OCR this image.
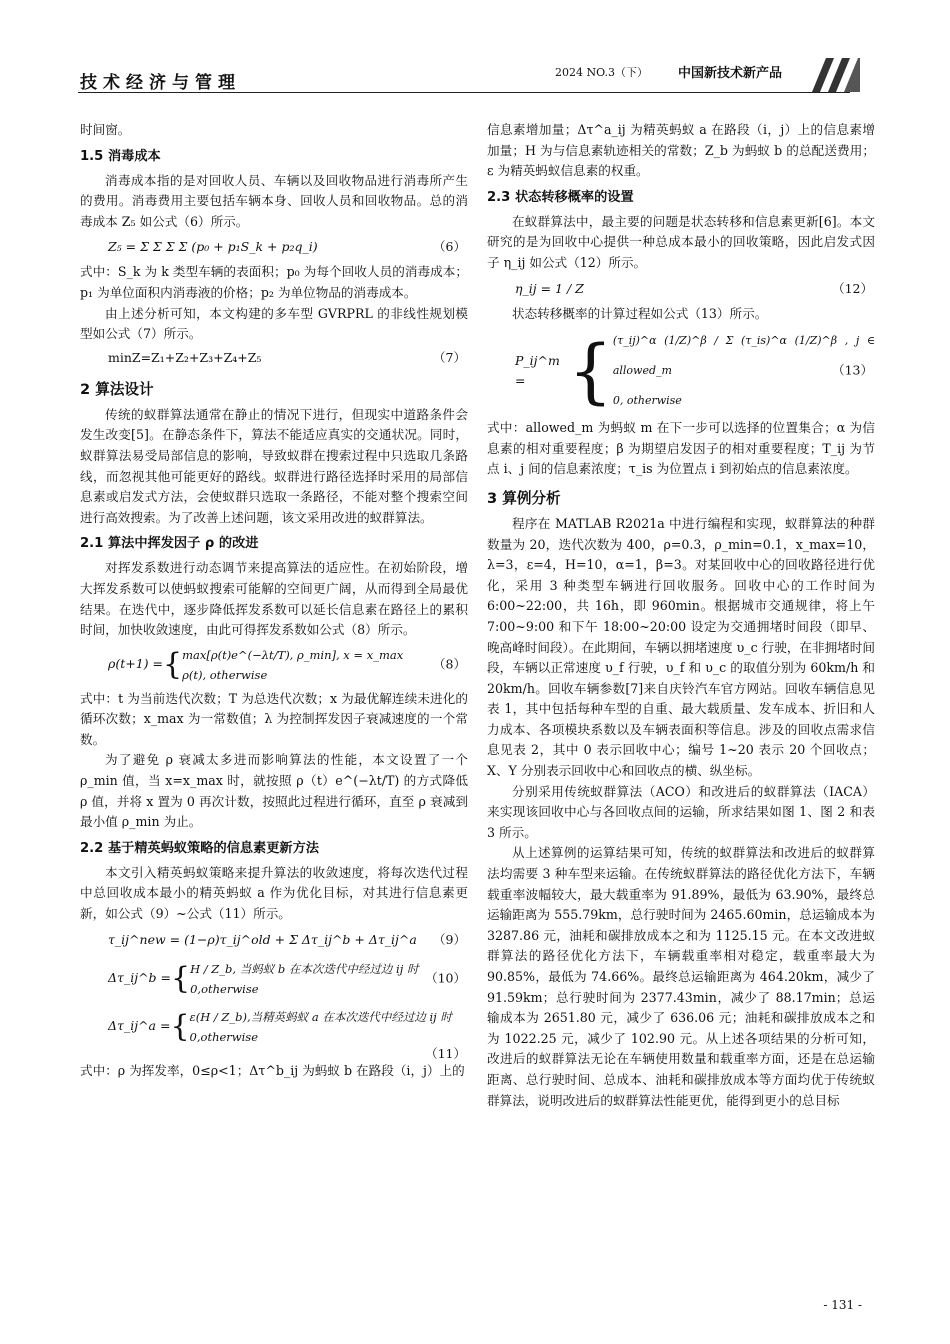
技术经济与管理
2024 NO.3（下） 中国新技术新产品

时间窗。

1.5 消毒成本

消毒成本指的是对回收人员、车辆以及回收物品进行消毒所产生的费用。消毒费用主要包括车辆本身、回收人员和回收物品。总的消毒成本 Z₅ 如公式（6）所示。

Z₅ = Σ Σ Σ Σ (p₀ + p₁S_k + p₂q_i)	（6）

式中：S_k 为 k 类型车辆的表面积；p₀ 为每个回收人员的消毒成本；p₁ 为单位面积内消毒液的价格；p₂ 为单位物品的消毒成本。

由上述分析可知，本文构建的多车型 GVRPRL 的非线性规划模型如公式（7）所示。

minZ=Z₁+Z₂+Z₃+Z₄+Z₅	（7）
2 算法设计

传统的蚁群算法通常在静止的情况下进行，但现实中道路条件会发生改变[5]。在静态条件下，算法不能适应真实的交通状况。同时，蚁群算法易受局部信息的影响，导致蚁群在搜索过程中只选取几条路线，而忽视其他可能更好的路线。蚁群进行路径选择时采用的局部信息素或启发式方法，会使蚁群只选取一条路径，不能对整个搜索空间进行高效搜索。为了改善上述问题，该文采用改进的蚁群算法。

2.1 算法中挥发因子 ρ 的改进

对挥发系数进行动态调节来提高算法的适应性。在初始阶段，增大挥发系数可以使蚂蚁搜索可能解的空间更广阔，从而得到全局最优结果。在迭代中，逐步降低挥发系数可以延长信息素在路径上的累积时间，加快收敛速度，由此可得挥发系数如公式（8）所示。

ρ(t+1) = { max[ρ(t)e^(−λt/T), ρ_min], x = x_max
ρ(t), otherwise
（8）

式中：t 为当前迭代次数；T 为总迭代次数；x 为最优解连续未进化的循环次数；x_max 为一常数值；λ 为控制挥发因子衰减速度的一个常数。

为了避免 ρ 衰减太多进而影响算法的性能，本文设置了一个 ρ_min 值，当 x=x_max 时，就按照 ρ（t）e^(−λt/T) 的方式降低 ρ 值，并将 x 置为 0 再次计数，按照此过程进行循环，直至 ρ 衰减到最小值 ρ_min 为止。

2.2 基于精英蚂蚁策略的信息素更新方法

本文引入精英蚂蚁策略来提升算法的收敛速度，将每次迭代过程中总回收成本最小的精英蚂蚁 a 作为优化目标，对其进行信息素更新，如公式（9）~公式（11）所示。

τ_ij^new = (1−ρ)τ_ij^old + Σ Δτ_ij^b + Δτ_ij^a （9）
Δτ_ij^b = { H / Z_b, 当蚂蚁 b 在本次迭代中经过边 ij 时
0,otherwise
（10）
Δτ_ij^a = { ε(H / Z_b),当精英蚂蚁 a 在本次迭代中经过边 ij 时
0,otherwise
（11）

式中：ρ 为挥发率，0≤ρ<1；Δτ^b_ij 为蚂蚁 b 在路段（i，j）上的

信息素增加量；Δτ^a_ij 为精英蚂蚁 a 在路段（i，j）上的信息素增加量；H 为与信息素轨迹相关的常数；Z_b 为蚂蚁 b 的总配送费用；ε 为精英蚂蚁信息素的权重。

2.3 状态转移概率的设置

在蚁群算法中，最主要的问题是状态转移和信息素更新[6]。本文研究的是为回收中心提供一种总成本最小的回收策略，因此启发式因子 η_ij 如公式（12）所示。

η_ij = 1 / Z	（12）

状态转移概率的计算过程如公式（13）所示。

P_ij^m = { (τ_ij)^α (1/Z)^β / Σ (τ_is)^α (1/Z)^β , j ∈ allowed_m
0, otherwise
（13）

式中：allowed_m 为蚂蚁 m 在下一步可以选择的位置集合；α 为信息素的相对重要程度；β 为期望启发因子的相对重要程度；T_ij 为节点 i、j 间的信息素浓度；τ_is 为位置点 i 到初始点的信息素浓度。

3 算例分析

程序在 MATLAB R2021a 中进行编程和实现，蚁群算法的种群数量为 20，迭代次数为 400，ρ=0.3，ρ_min=0.1，x_max=10，λ=3，ε=4，H=10，α=1，β=3。对某回收中心的回收路径进行优化，采用 3 种类型车辆进行回收服务。回收中心的工作时间为 6:00~22:00，共 16h，即 960min。根据城市交通规律，将上午 7:00~9:00 和下午 18:00~20:00 设定为交通拥堵时间段（即早、晚高峰时间段）。在此期间，车辆以拥堵速度 υ_c 行驶，在非拥堵时间段，车辆以正常速度 υ_f 行驶，υ_f 和 υ_c 的取值分别为 60km/h 和 20km/h。回收车辆参数[7]来自庆铃汽车官方网站。回收车辆信息见表 1，其中包括每种车型的自重、最大载质量、发车成本、折旧和人力成本、各项模块系数以及车辆表面积等信息。涉及的回收点需求信息见表 2，其中 0 表示回收中心；编号 1~20 表示 20 个回收点；X、Y 分别表示回收中心和回收点的横、纵坐标。

分别采用传统蚁群算法（ACO）和改进后的蚁群算法（IACA）来实现该回收中心与各回收点间的运输，所求结果如图 1、图 2 和表 3 所示。

从上述算例的运算结果可知，传统的蚁群算法和改进后的蚁群算法均需要 3 种车型来运输。在传统蚁群算法的路径优化方法下，车辆载重率波幅较大，最大载重率为 91.89%，最低为 63.90%，最终总运输距离为 555.79km，总行驶时间为 2465.60min，总运输成本为 3287.86 元，油耗和碳排放成本之和为 1125.15 元。在本文改进蚁群算法的路径优化方法下，车辆载重率相对稳定，载重率最大为 90.85%，最低为 74.66%。最终总运输距离为 464.20km，减少了 91.59km；总行驶时间为 2377.43min，减少了 88.17min；总运输成本为 2651.80 元，减少了 636.06 元；油耗和碳排放成本之和为 1022.25 元，减少了 102.90 元。从上述各项结果的分析可知，改进后的蚁群算法无论在车辆使用数量和载重率方面，还是在总运输距离、总行驶时间、总成本、油耗和碳排放成本等方面均优于传统蚁群算法，说明改进后的蚁群算法性能更优，能得到更小的总目标

- 131 -
